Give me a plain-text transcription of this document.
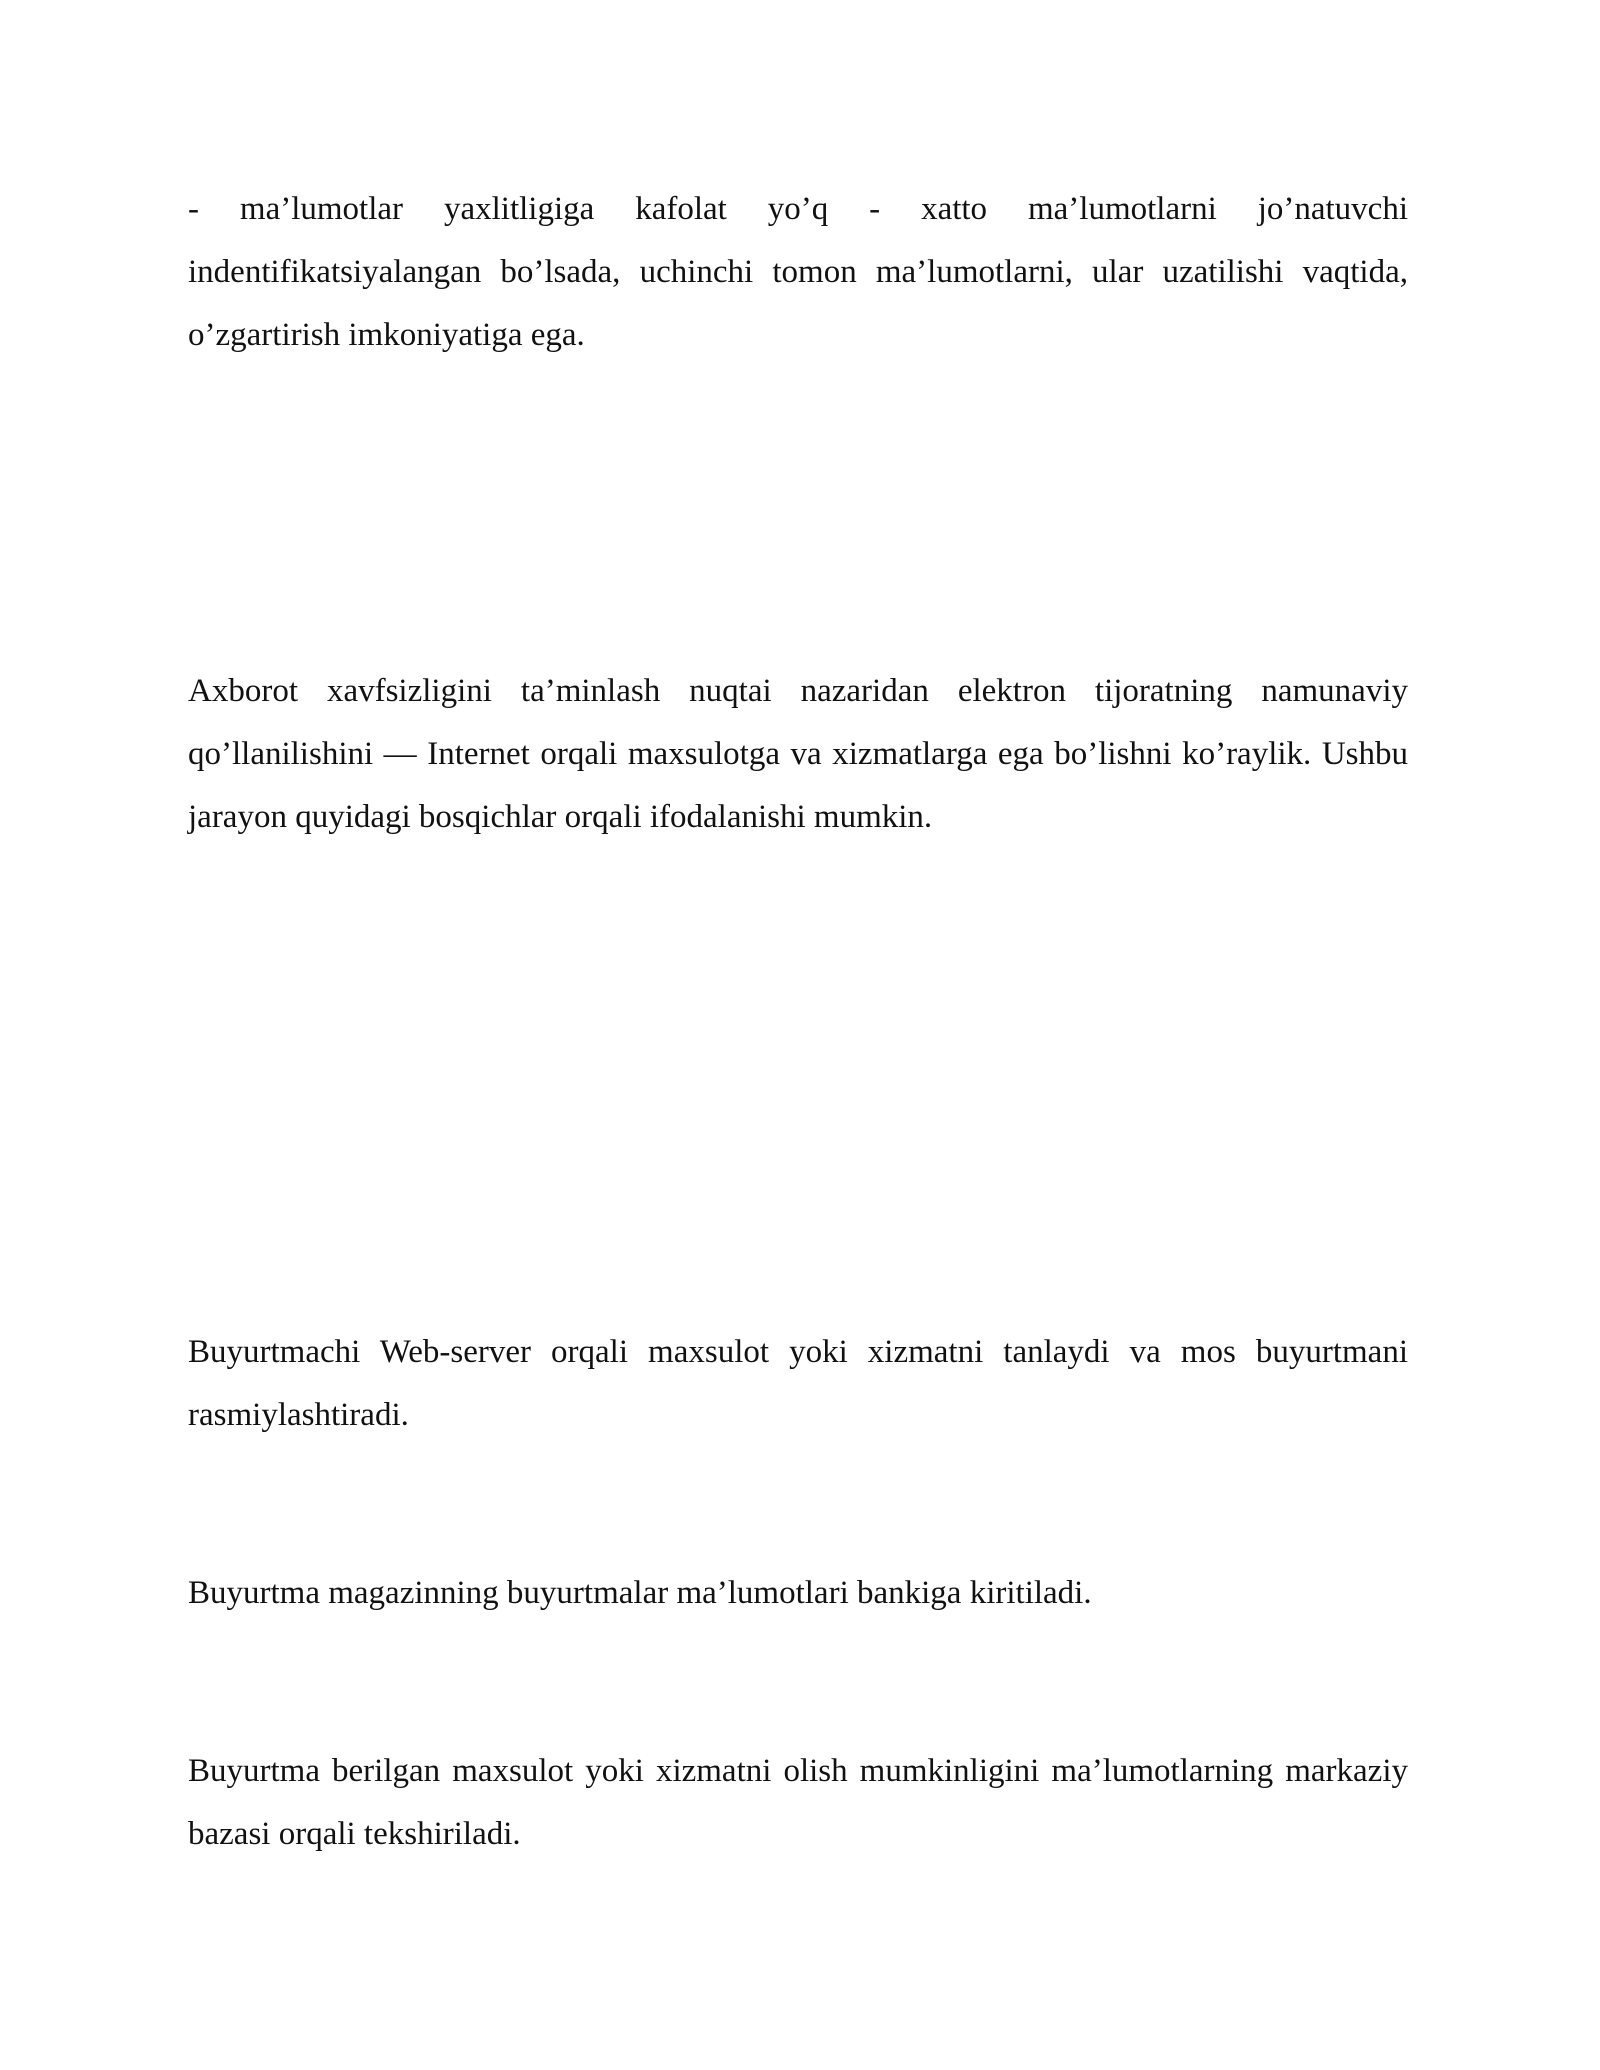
- ma’lumotlar yaxlitligiga kafolat yo’q - xatto ma’lumotlarni jo’natuvchi indentifikatsiyalangan bo’lsada, uchinchi tomon ma’lumotlarni, ular uzatilishi vaqtida, o’zgartirish imkoniyatiga ega.

Axborot xavfsizligini ta’minlash nuqtai nazaridan elektron tijoratning namunaviy qo’llanilishini — Internet orqali maxsulotga va xizmatlarga ega bo’lishni ko’raylik. Ushbu jarayon quyidagi bosqichlar orqali ifodalanishi mumkin.

Buyurtmachi Web-server orqali maxsulot yoki xizmatni tanlaydi va mos buyurtmani rasmiylashtiradi.

Buyurtma magazinning buyurtmalar ma’lumotlari bankiga kiritiladi.

Buyurtma berilgan maxsulot yoki xizmatni olish mumkinligini ma’lumotlarning markaziy bazasi orqali tekshiriladi.
